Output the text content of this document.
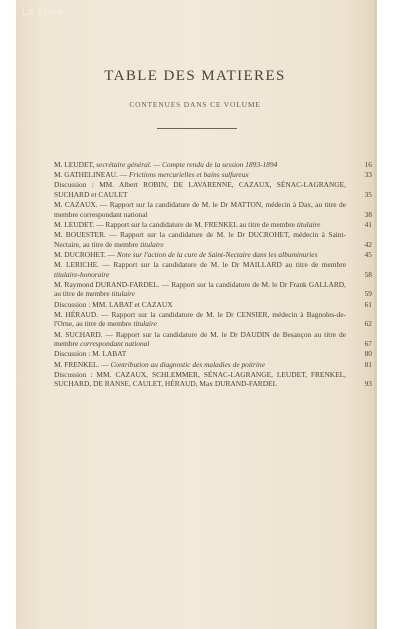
Le Livre
TABLE DES MATIERES
CONTENUES DANS CE VOLUME
M. LEUDET, secrétaire général. — Compte rendu de la session 1893-1894	16
M. GATHELINEAU. — Frictions mercurielles et bains sulfureux	33
Discussion : MM. Albert ROBIN, DE LAVARENNE, CAZAUX, SÉNAC-LAGRANGE, SUCHARD et CAULET	35
M. CAZAUX. — Rapport sur la candidature de M. le Dr MATTON, médecin à Dax, au titre de membre correspondant national	38
M. LEUDET. — Rapport sur la candidature de M. FRENKEL au titre de membre titulaire	41
M. BOUESTER. — Rapport sur la candidature de M. le Dr DUCROHET, médecin à Saint-Nectaire, au titre de membre titulaire	42
M. DUCROHET. — Note sur l'action de la cure de Saint-Nectaire dans les albuminuries	45
M. LERICHE. — Rapport sur la candidature de M. le Dr MAILLARD au titre de membre titulaire-honoraire	58
M. Raymond DURAND-FARDEL. — Rapport sur la candidature de M. le Dr Frank GALLARD, au titre de membre titulaire	59
Discussion : MM. LABAT et CAZAUX	61
M. HÉRAUD. — Rapport sur la candidature de M. le Dr CENSIER, médecin à Bagnoles-de-l'Orne, au titre de membre titulaire	62
M. SUCHARD. — Rapport sur la candidature de M. le Dr DAUDIN de Besançon au titre de membre correspondant national	67
Discussion : M. LABAT	80
M. FRENKEL. — Contribution au diagnostic des maladies de poitrine	81
Discussion : MM. CAZAUX, SCHLEMMER, SÉNAC-LAGRANGE, LEUDET, FRENKEL, SUCHARD, DE RANSE, CAULET, HÉRAUD, Max DURAND-FARDEL	93
